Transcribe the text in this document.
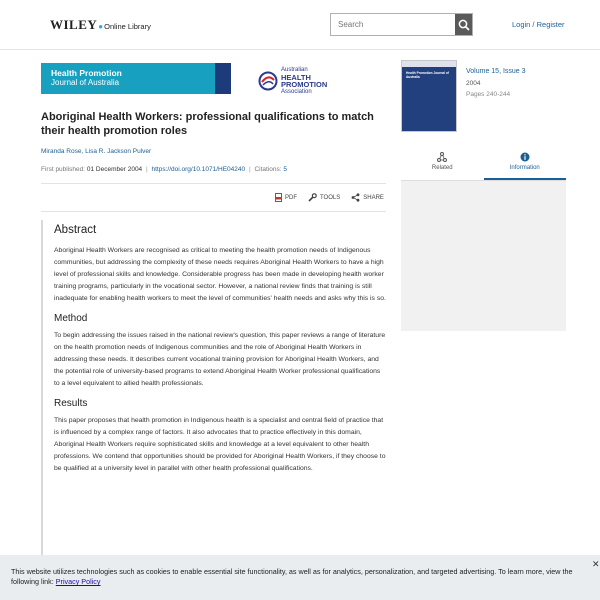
WILEY ● Online Library
Search	Login / Register
Health Promotion
Journal of Australia
Australian
HEALTH
PROMOTION
Association
Aboriginal Health Workers: professional qualifications to match their health promotion roles
Miranda Rose, Lisa R. Jackson Pulver
First published: 01 December 2004 | https://doi.org/10.1071/HE04240 | Citations: 5
PDF	TOOLS	SHARE
Abstract

Aboriginal Health Workers are recognised as critical to meeting the health promotion needs of Indigenous communities, but addressing the complexity of these needs requires Aboriginal Health Workers to have a high level of professional skills and knowledge. Considerable progress has been made in developing health worker training programs, particularly in the vocational sector. However, a national review finds that training is still inadequate for enabling health workers to meet the level of communities' health needs and asks why this is so.

Method

To begin addressing the issues raised in the national review's question, this paper reviews a range of literature on the health promotion needs of Indigenous communities and the role of Aboriginal Health Workers in addressing these needs. It describes current vocational training provision for Aboriginal Health Workers, and the potential role of university-based programs to extend Aboriginal Health Worker professional qualifications to a level equivalent to allied health professionals.

Results

This paper proposes that health promotion in Indigenous health is a specialist and central field of practice that is influenced by a complex range of factors. It also advocates that to practice effectively in this domain, Aboriginal Health Workers require sophisticated skills and knowledge at a level equivalent to other health professions. We contend that opportunities should be provided for Aboriginal Health Workers, if they choose to be qualified at a university level in parallel with other health professional qualifications.

Health Promotion Journal of Australia
Volume 15, Issue 3
2004
Pages 240-244
Related	Information
This website utilizes technologies such as cookies to enable essential site functionality, as well as for analytics, personalization, and targeted advertising. To learn more, view the following link: Privacy Policy
✕
